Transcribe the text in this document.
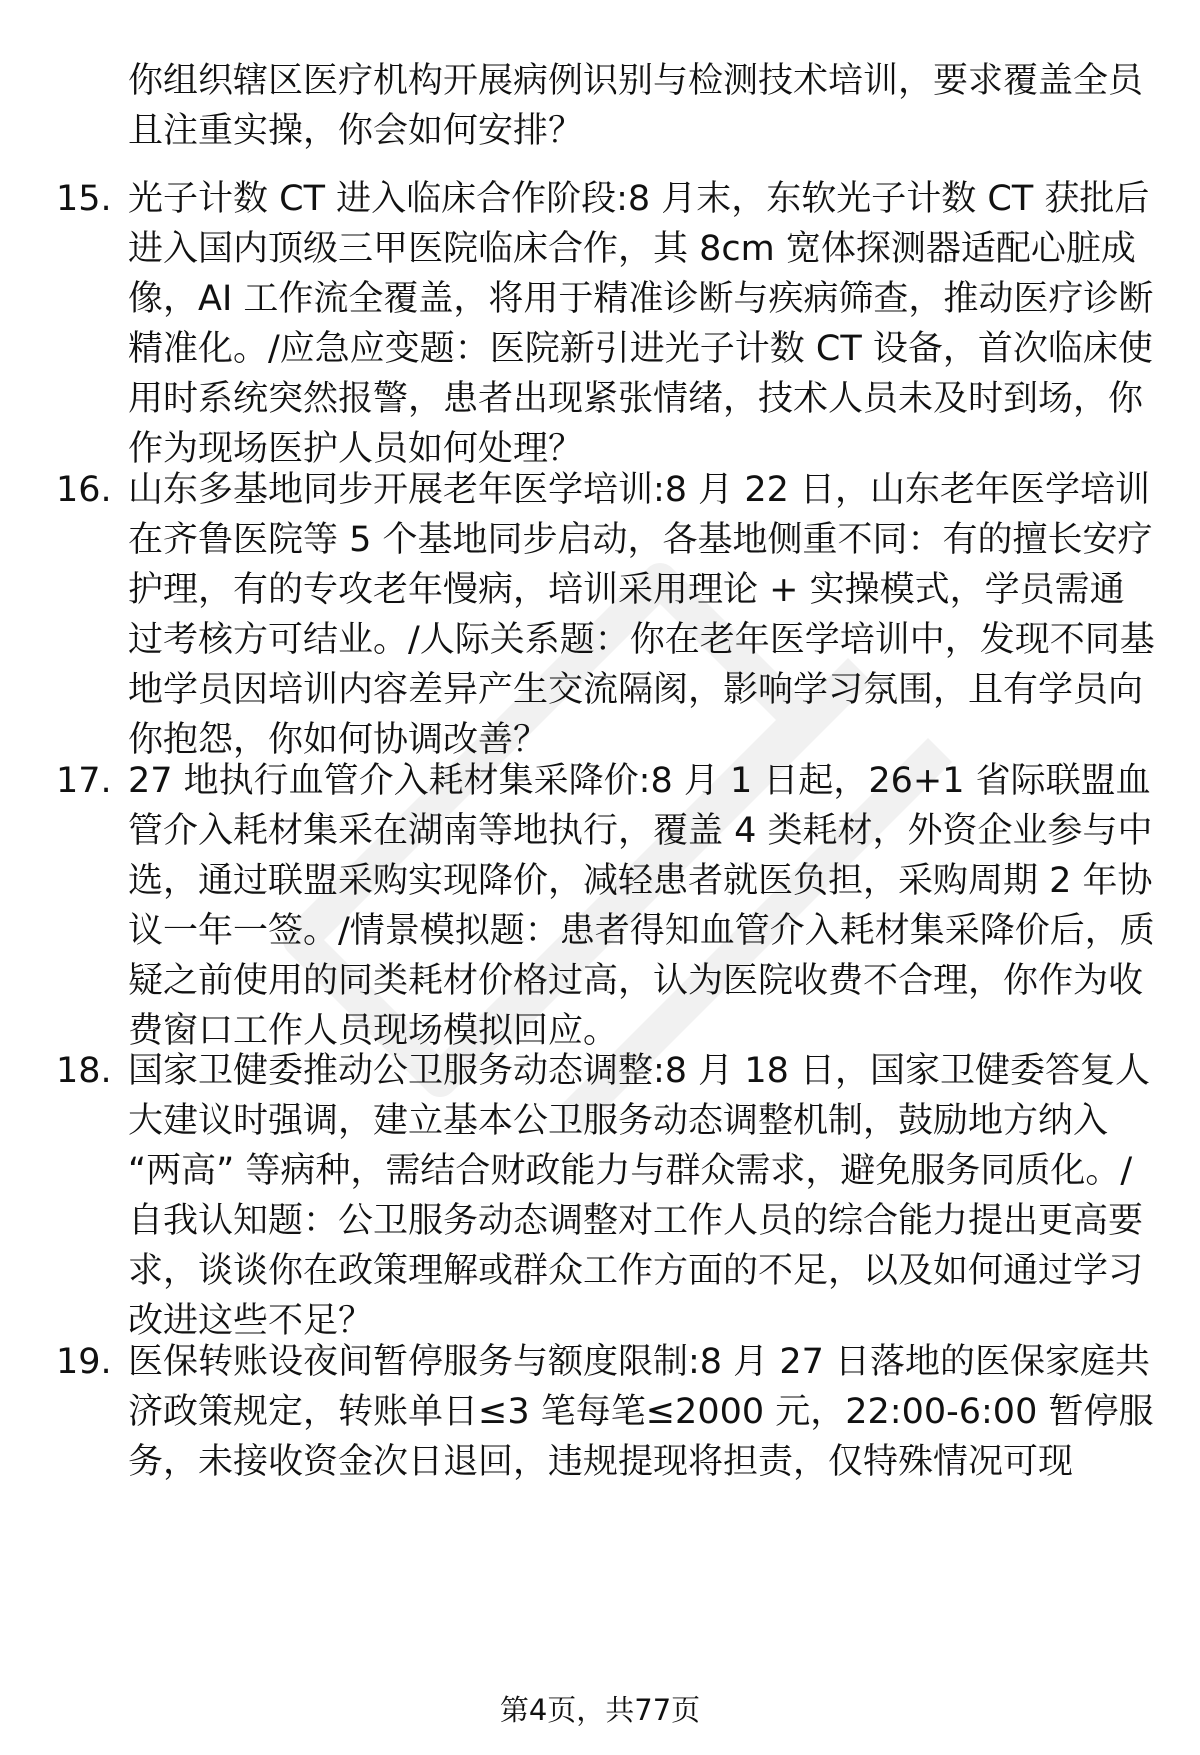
你组织辖区医疗机构开展病例识别与检测技术培训，要求覆盖全员且注重实操，你会如何安排？

15. 光子计数 CT 进入临床合作阶段:8 月末，东软光子计数 CT 获批后进入国内顶级三甲医院临床合作，其 8cm 宽体探测器适配心脏成像，AI 工作流全覆盖，将用于精准诊断与疾病筛查，推动医疗诊断精准化。/应急应变题：医院新引进光子计数 CT 设备，首次临床使用时系统突然报警，患者出现紧张情绪，技术人员未及时到场，你作为现场医护人员如何处理？

16. 山东多基地同步开展老年医学培训:8 月 22 日，山东老年医学培训在齐鲁医院等 5 个基地同步启动，各基地侧重不同：有的擅长安疗护理，有的专攻老年慢病，培训采用理论 + 实操模式，学员需通过考核方可结业。/人际关系题：你在老年医学培训中，发现不同基地学员因培训内容差异产生交流隔阂，影响学习氛围，且有学员向你抱怨，你如何协调改善？

17. 27 地执行血管介入耗材集采降价:8 月 1 日起，26+1 省际联盟血管介入耗材集采在湖南等地执行，覆盖 4 类耗材，外资企业参与中选，通过联盟采购实现降价，减轻患者就医负担，采购周期 2 年协议一年一签。/情景模拟题：患者得知血管介入耗材集采降价后，质疑之前使用的同类耗材价格过高，认为医院收费不合理，你作为收费窗口工作人员现场模拟回应。

18. 国家卫健委推动公卫服务动态调整:8 月 18 日，国家卫健委答复人大建议时强调，建立基本公卫服务动态调整机制，鼓励地方纳入 “两高” 等病种，需结合财政能力与群众需求，避免服务同质化。/自我认知题：公卫服务动态调整对工作人员的综合能力提出更高要求，谈谈你在政策理解或群众工作方面的不足，以及如何通过学习改进这些不足？

19. 医保转账设夜间暂停服务与额度限制:8 月 27 日落地的医保家庭共济政策规定，转账单日≤3 笔每笔≤2000 元，22:00-6:00 暂停服务，未接收资金次日退回，违规提现将担责，仅特殊情况可现

第4页，共77页
